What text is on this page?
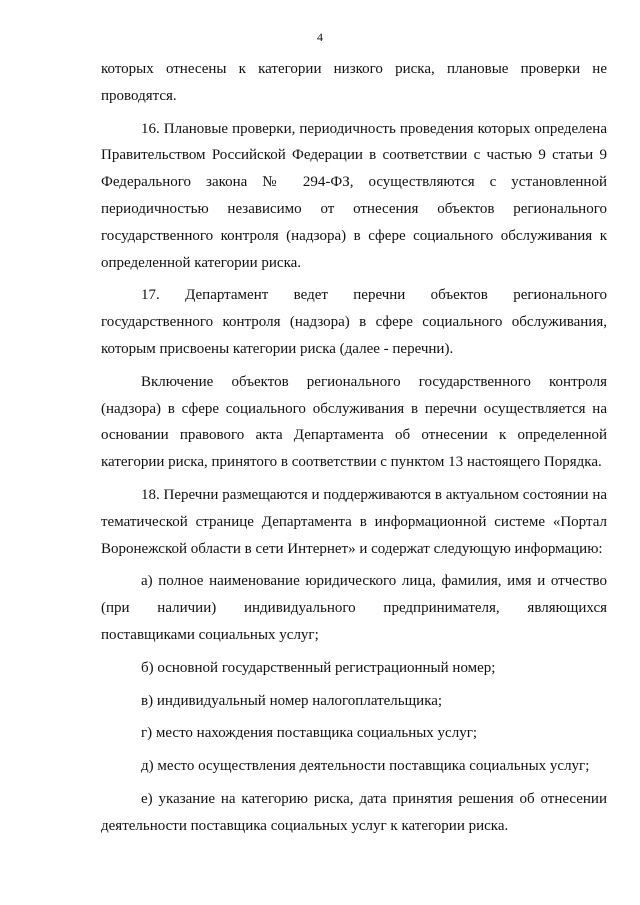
4

которых отнесены к категории низкого риска, плановые проверки не проводятся.

16. Плановые проверки, периодичность проведения которых определена Правительством Российской Федерации в соответствии с частью 9 статьи 9 Федерального закона № 294-ФЗ, осуществляются с установленной периодичностью независимо от отнесения объектов регионального государственного контроля (надзора) в сфере социального обслуживания к определенной категории риска.

17. Департамент ведет перечни объектов регионального государственного контроля (надзора) в сфере социального обслуживания, которым присвоены категории риска (далее - перечни).

Включение объектов регионального государственного контроля (надзора) в сфере социального обслуживания в перечни осуществляется на основании правового акта Департамента об отнесении к определенной категории риска, принятого в соответствии с пунктом 13 настоящего Порядка.

18. Перечни размещаются и поддерживаются в актуальном состоянии на тематической странице Департамента в информационной системе «Портал Воронежской области в сети Интернет» и содержат следующую информацию:

а) полное наименование юридического лица, фамилия, имя и отчество (при наличии) индивидуального предпринимателя, являющихся поставщиками социальных услуг;

б) основной государственный регистрационный номер;

в) индивидуальный номер налогоплательщика;

г) место нахождения поставщика социальных услуг;

д) место осуществления деятельности поставщика социальных услуг;

е) указание на категорию риска, дата принятия решения об отнесении деятельности поставщика социальных услуг к категории риска.
